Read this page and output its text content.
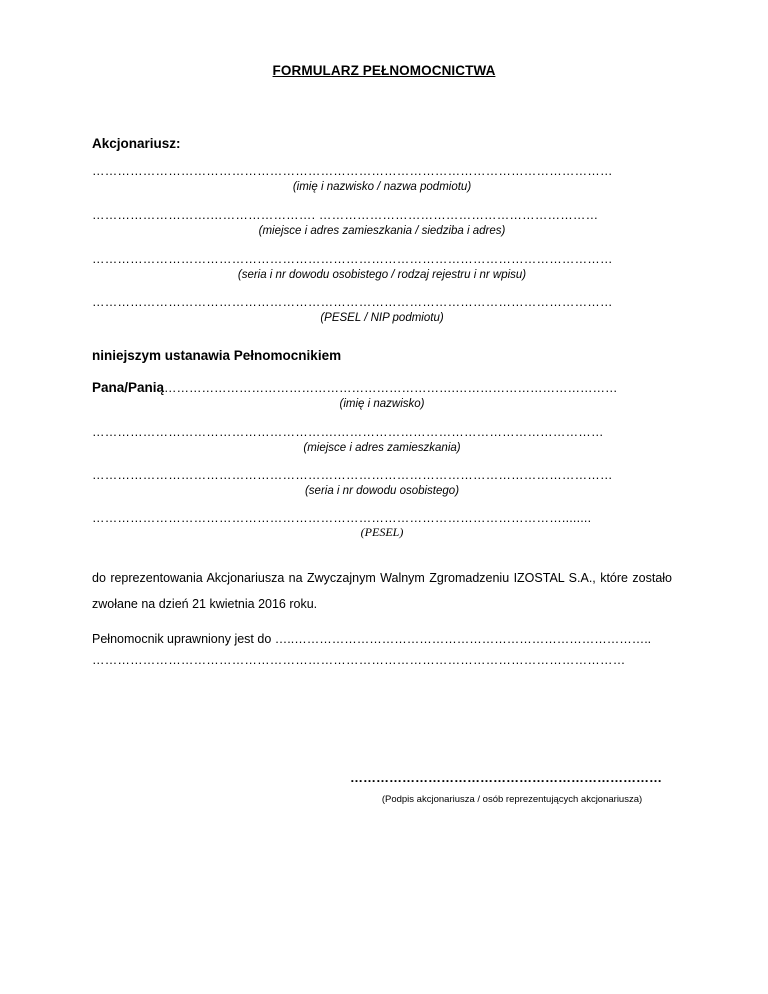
FORMULARZ PEŁNOMOCNICTWA
Akcjonariusz:
……………………………………………………………………………………………………………
(imię i nazwisko / nazwa podmiotu)
……………………….……………………. …………………………………………………………
(miejsce i adres zamieszkania / siedziba i adres)
……………………………………………………………………………………………………………
(seria i nr dowodu osobistego / rodzaj rejestru i nr wpisu)
……………………………………………………………………………………………………………
(PESEL / NIP podmiotu)
niniejszym ustanawia Pełnomocnikiem
Pana/Panią…………………………………………………………….…………………………………
(imię i nazwisko)
………………………………………………….………………………………………………………
(miejsce i adres zamieszkania)
……………………………………………………………………………………………………………
(seria i nr dowodu osobistego)
…………………………………………………………………………………………………........
(PESEL)
do reprezentowania Akcjonariusza na Zwyczajnym Walnym Zgromadzeniu IZOSTAL S.A., które zostało zwołane na dzień 21 kwietnia 2016 roku.
Pełnomocnik uprawniony jest do …..…………………………………………………………………………..
………………………………………………………………………………………………………………
………………………………………………………………
(Podpis akcjonariusza / osób reprezentujących akcjonariusza)
